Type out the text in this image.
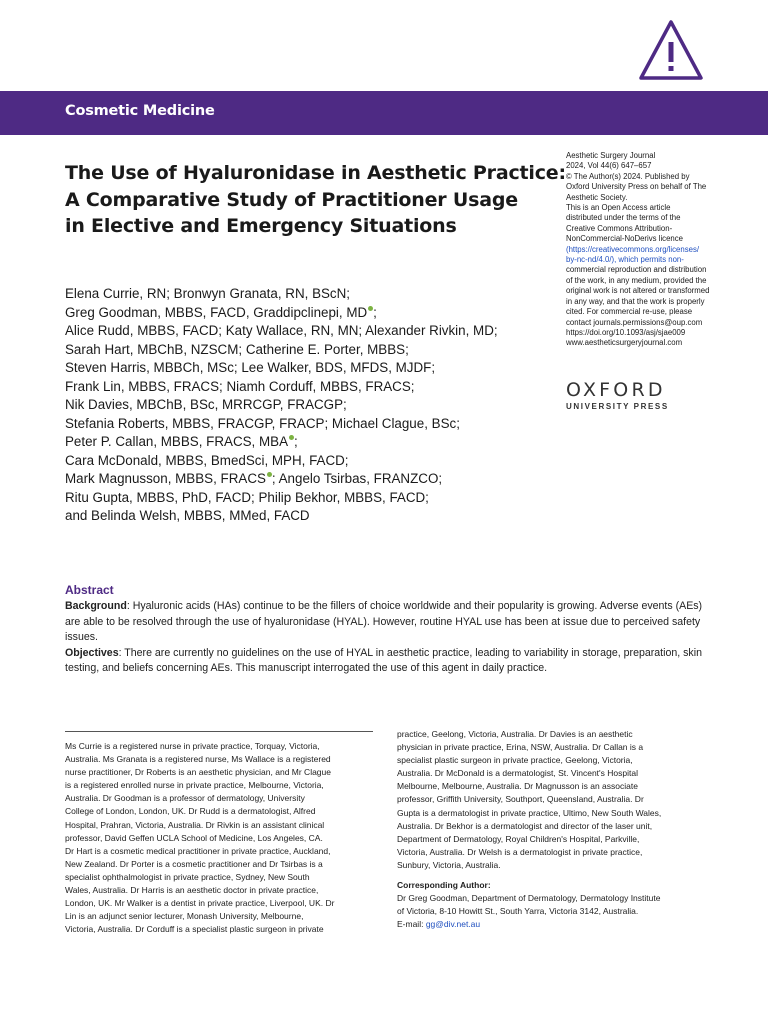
Cosmetic Medicine
The Use of Hyaluronidase in Aesthetic Practice:
A Comparative Study of Practitioner Usage
in Elective and Emergency Situations
Elena Currie, RN; Bronwyn Granata, RN, BScN;
Greg Goodman, MBBS, FACD, Graddipclinepi, MD ;
Alice Rudd, MBBS, FACD; Katy Wallace, RN, MN; Alexander Rivkin, MD;
Sarah Hart, MBChB, NZSCM; Catherine E. Porter, MBBS;
Steven Harris, MBBCh, MSc; Lee Walker, BDS, MFDS, MJDF;
Frank Lin, MBBS, FRACS; Niamh Corduff, MBBS, FRACS;
Nik Davies, MBChB, BSc, MRRCGP, FRACGP;
Stefania Roberts, MBBS, FRACGP, FRACP; Michael Clague, BSc;
Peter P. Callan, MBBS, FRACS, MBA ;
Cara McDonald, MBBS, BmedSci, MPH, FACD;
Mark Magnusson, MBBS, FRACS ; Angelo Tsirbas, FRANZCO;
Ritu Gupta, MBBS, PhD, FACD; Philip Bekhor, MBBS, FACD;
and Belinda Welsh, MBBS, MMed, FACD
Aesthetic Surgery Journal
2024, Vol 44(6) 647–657
© The Author(s) 2024. Published by
Oxford University Press on behalf of The
Aesthetic Society.
This is an Open Access article
distributed under the terms of the
Creative Commons Attribution-
NonCommercial-NoDerivs licence
(https://creativecommons.org/licenses/
by-nc-nd/4.0/), which permits non-
commercial reproduction and distribution
of the work, in any medium, provided the
original work is not altered or transformed
in any way, and that the work is properly
cited. For commercial re-use, please
contact journals.permissions@oup.com
https://doi.org/10.1093/asj/sjae009
www.aestheticsurgeryjournal.com
OXFORD
UNIVERSITY PRESS
Abstract

Background: Hyaluronic acids (HAs) continue to be the fillers of choice worldwide and their popularity is growing. Adverse events (AEs) are able to be resolved through the use of hyaluronidase (HYAL). However, routine HYAL use has been at issue due to perceived safety issues.

Objectives: There are currently no guidelines on the use of HYAL in aesthetic practice, leading to variability in storage, preparation, skin testing, and beliefs concerning AEs. This manuscript interrogated the use of this agent in daily practice.

Ms Currie is a registered nurse in private practice, Torquay, Victoria,
Australia. Ms Granata is a registered nurse, Ms Wallace is a registered
nurse practitioner, Dr Roberts is an aesthetic physician, and Mr Clague
is a registered enrolled nurse in private practice, Melbourne, Victoria,
Australia. Dr Goodman is a professor of dermatology, University
College of London, London, UK. Dr Rudd is a dermatologist, Alfred
Hospital, Prahran, Victoria, Australia. Dr Rivkin is an assistant clinical
professor, David Geffen UCLA School of Medicine, Los Angeles, CA.
Dr Hart is a cosmetic medical practitioner in private practice, Auckland,
New Zealand. Dr Porter is a cosmetic practitioner and Dr Tsirbas is a
specialist ophthalmologist in private practice, Sydney, New South
Wales, Australia. Dr Harris is an aesthetic doctor in private practice,
London, UK. Mr Walker is a dentist in private practice, Liverpool, UK. Dr
Lin is an adjunct senior lecturer, Monash University, Melbourne,
Victoria, Australia. Dr Corduff is a specialist plastic surgeon in private
practice, Geelong, Victoria, Australia. Dr Davies is an aesthetic
physician in private practice, Erina, NSW, Australia. Dr Callan is a
specialist plastic surgeon in private practice, Geelong, Victoria,
Australia. Dr McDonald is a dermatologist, St. Vincent's Hospital
Melbourne, Melbourne, Australia. Dr Magnusson is an associate
professor, Griffith University, Southport, Queensland, Australia. Dr
Gupta is a dermatologist in private practice, Ultimo, New South Wales,
Australia. Dr Bekhor is a dermatologist and director of the laser unit,
Department of Dermatology, Royal Children's Hospital, Parkville,
Victoria, Australia. Dr Welsh is a dermatologist in private practice,
Sunbury, Victoria, Australia.
Corresponding Author:
Dr Greg Goodman, Department of Dermatology, Dermatology Institute
of Victoria, 8-10 Howitt St., South Yarra, Victoria 3142, Australia.
E-mail: gg@div.net.au
